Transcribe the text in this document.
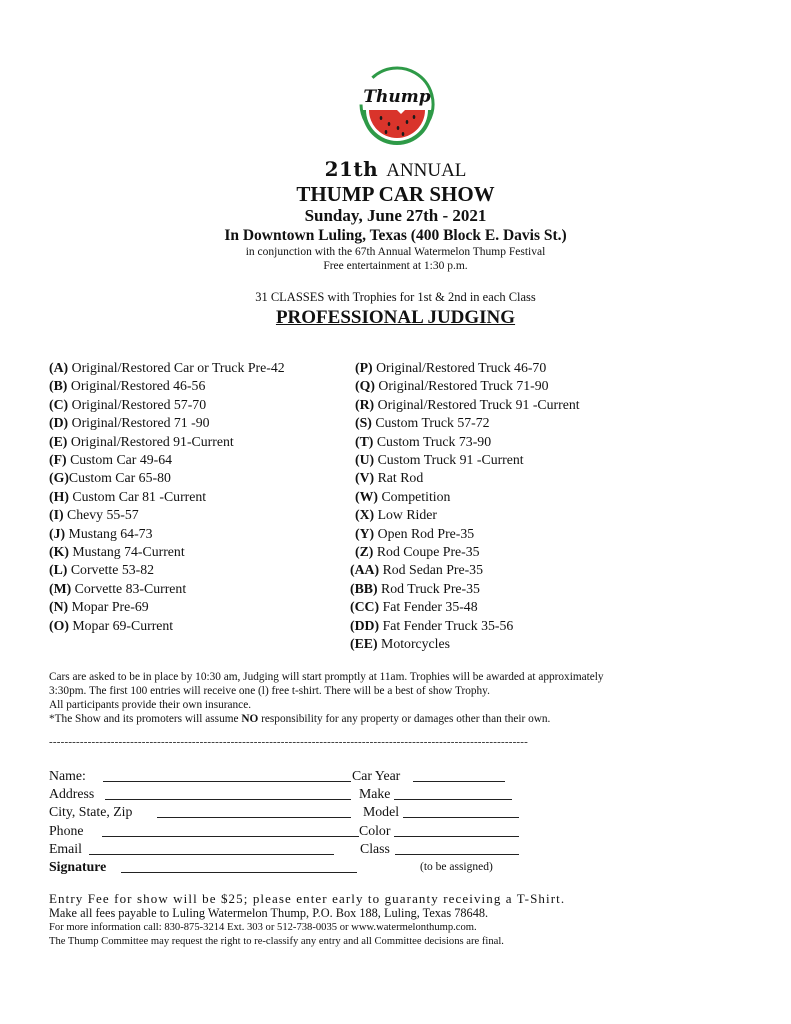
Thump
21th ANNUAL
THUMP CAR SHOW
Sunday, June 27th - 2021
In Downtown Luling, Texas (400 Block E. Davis St.)
in conjunction with the 67th Annual Watermelon Thump Festival
Free entertainment at 1:30 p.m.
31 CLASSES with Trophies for 1st & 2nd in each Class
PROFESSIONAL JUDGING
(A) Original/Restored Car or Truck Pre-42
(B) Original/Restored 46-56
(C) Original/Restored 57-70
(D) Original/Restored 71 -90
(E) Original/Restored 91-Current
(F) Custom Car 49-64
(G)Custom Car 65-80
(H) Custom Car 81 -Current
(I) Chevy 55-57
(J) Mustang 64-73
(K) Mustang 74-Current
(L) Corvette 53-82
(M) Corvette 83-Current
(N) Mopar Pre-69
(O) Mopar 69-Current
(P) Original/Restored Truck 46-70
(Q) Original/Restored Truck 71-90
(R) Original/Restored Truck 91 -Current
(S) Custom Truck 57-72
(T) Custom Truck 73-90
(U) Custom Truck 91 -Current
(V) Rat Rod
(W) Competition
(X) Low Rider
(Y) Open Rod Pre-35
(Z) Rod Coupe Pre-35
(AA) Rod Sedan Pre-35
(BB) Rod Truck Pre-35
(CC) Fat Fender 35-48
(DD) Fat Fender Truck 35-56
(EE) Motorcycles
Cars are asked to be in place by 10:30 am, Judging will start promptly at 11am. Trophies will be awarded at approximately
3:30pm. The first 100 entries will receive one (l) free t-shirt. There will be a best of show Trophy.
All participants provide their own insurance.
*The Show and its promoters will assume NO responsibility for any property or damages other than their own.
----------------------------------------------------------------------------------------------------------------------------
Name:	Car Year
Address	Make
City, State, Zip	Model
Phone	Color
Email	Class
Signature	(to be assigned)
Entry Fee for show will be $25; please enter early to guaranty receiving a T-Shirt.
Make all fees payable to Luling Watermelon Thump, P.O. Box 188, Luling, Texas 78648.
For more information call: 830-875-3214 Ext. 303 or 512-738-0035 or www.watermelonthump.com.
The Thump Committee may request the right to re-classify any entry and all Committee decisions are final.
